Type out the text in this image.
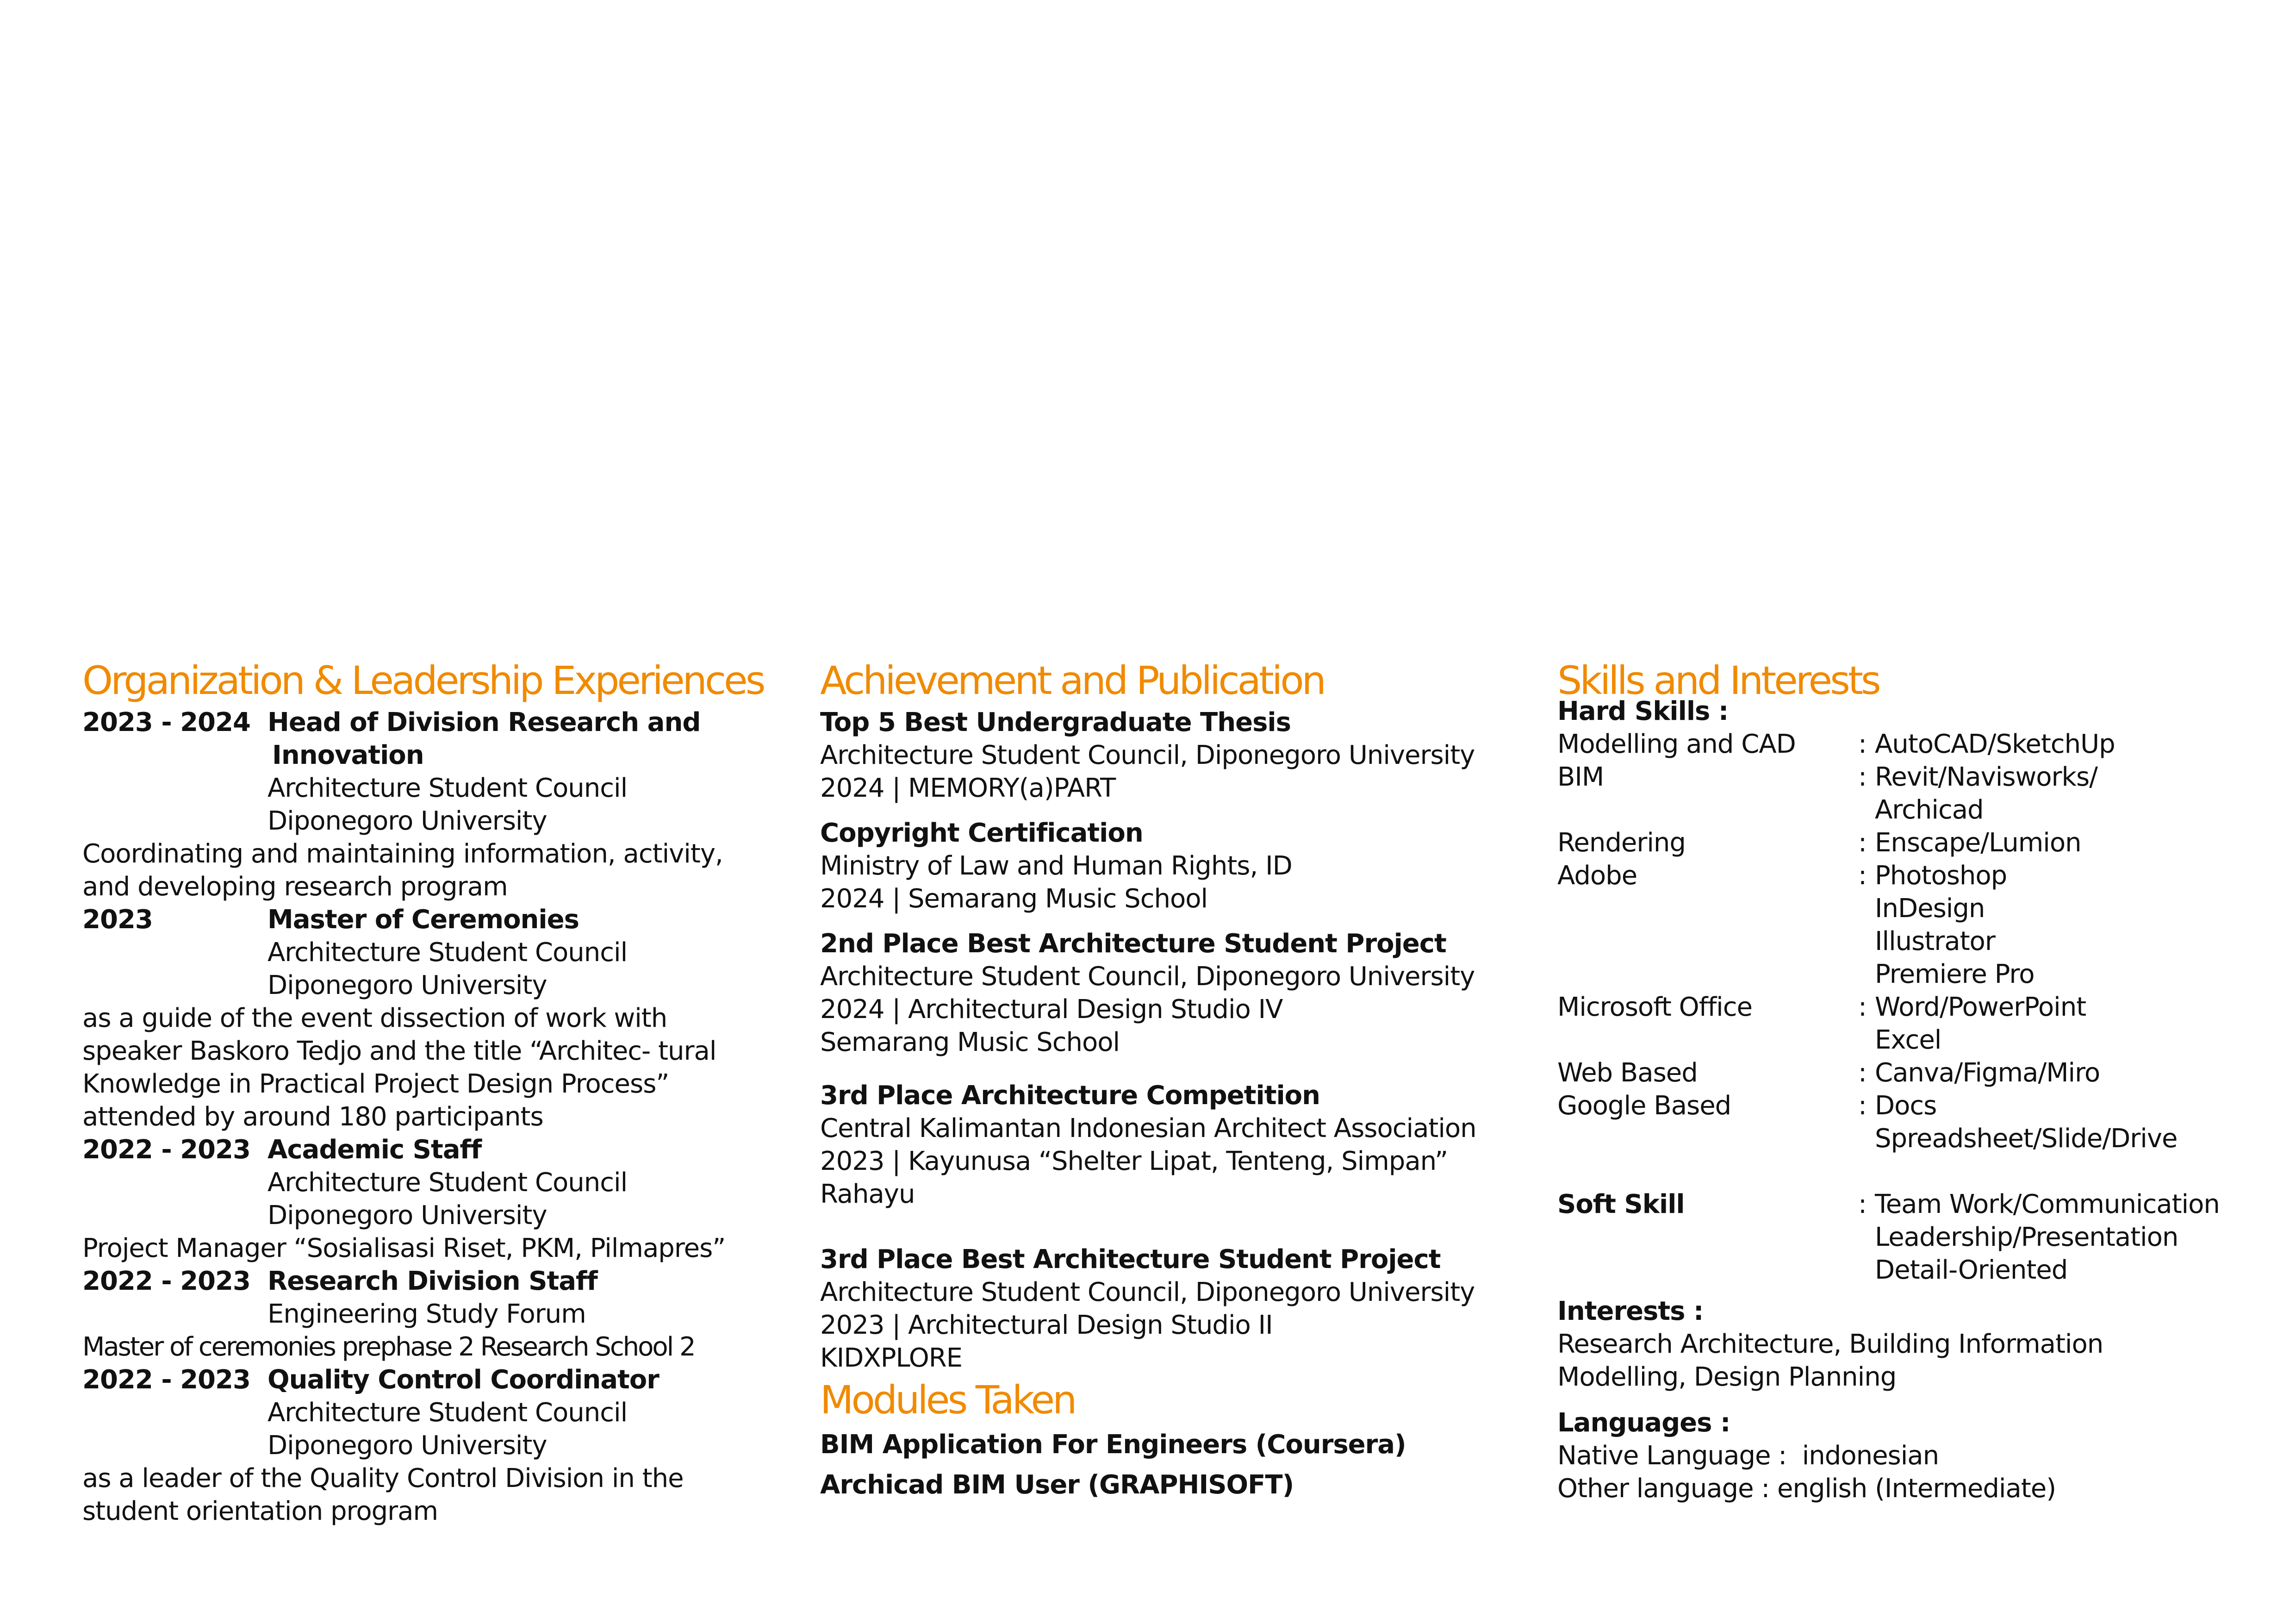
Organization & Leadership Experiences
2023 - 2024 Head of Division Research and
Innovation
Architecture Student Council
Diponegoro University
Coordinating and maintaining information, activity, and developing research program
2023	Master of Ceremonies
Architecture Student Council
Diponegoro University
as a guide of the event dissection of work with speaker Baskoro Tedjo and the title “Architec- tural Knowledge in Practical Project Design Process” attended by around 180 participants
2022 - 2023 Academic Staff
Architecture Student Council
Diponegoro University
Project Manager “Sosialisasi Riset, PKM, Pilmapres”
2022 - 2023 Research Division Staff
Engineering Study Forum
Master of ceremonies prephase 2 Research School 2
2022 - 2023 Quality Control Coordinator
Architecture Student Council
Diponegoro University
as a leader of the Quality Control Division in the student orientation program
Achievement and Publication
Top 5 Best Undergraduate Thesis
Architecture Student Council, Diponegoro University
2024 | MEMORY(a)PART
Copyright Certification
Ministry of Law and Human Rights, ID
2024 | Semarang Music School
2nd Place Best Architecture Student Project
Architecture Student Council, Diponegoro University
2024 | Architectural Design Studio IV
Semarang Music School
3rd Place Architecture Competition
Central Kalimantan Indonesian Architect Association
2023 | Kayunusa “Shelter Lipat, Tenteng, Simpan”
Rahayu
3rd Place Best Architecture Student Project
Architecture Student Council, Diponegoro University
2023 | Architectural Design Studio II
KIDXPLORE
Modules Taken
BIM Application For Engineers (Coursera)
Archicad BIM User (GRAPHISOFT)
Skills and Interests
Hard Skills :
Modelling and CAD	: AutoCAD/SketchUp
BIM	: Revit/Navisworks/
Archicad
Rendering	: Enscape/Lumion
Adobe	: Photoshop
InDesign
Illustrator
Premiere Pro
Microsoft Office	: Word/PowerPoint
Excel
Web Based	: Canva/Figma/Miro
Google Based	: Docs
Spreadsheet/Slide/Drive
Soft Skill	: Team Work/Communication
Leadership/Presentation
Detail-Oriented
Interests :
Research Architecture, Building Information
Modelling, Design Planning
Languages :
Native Language :  indonesian
Other language : english (Intermediate)
